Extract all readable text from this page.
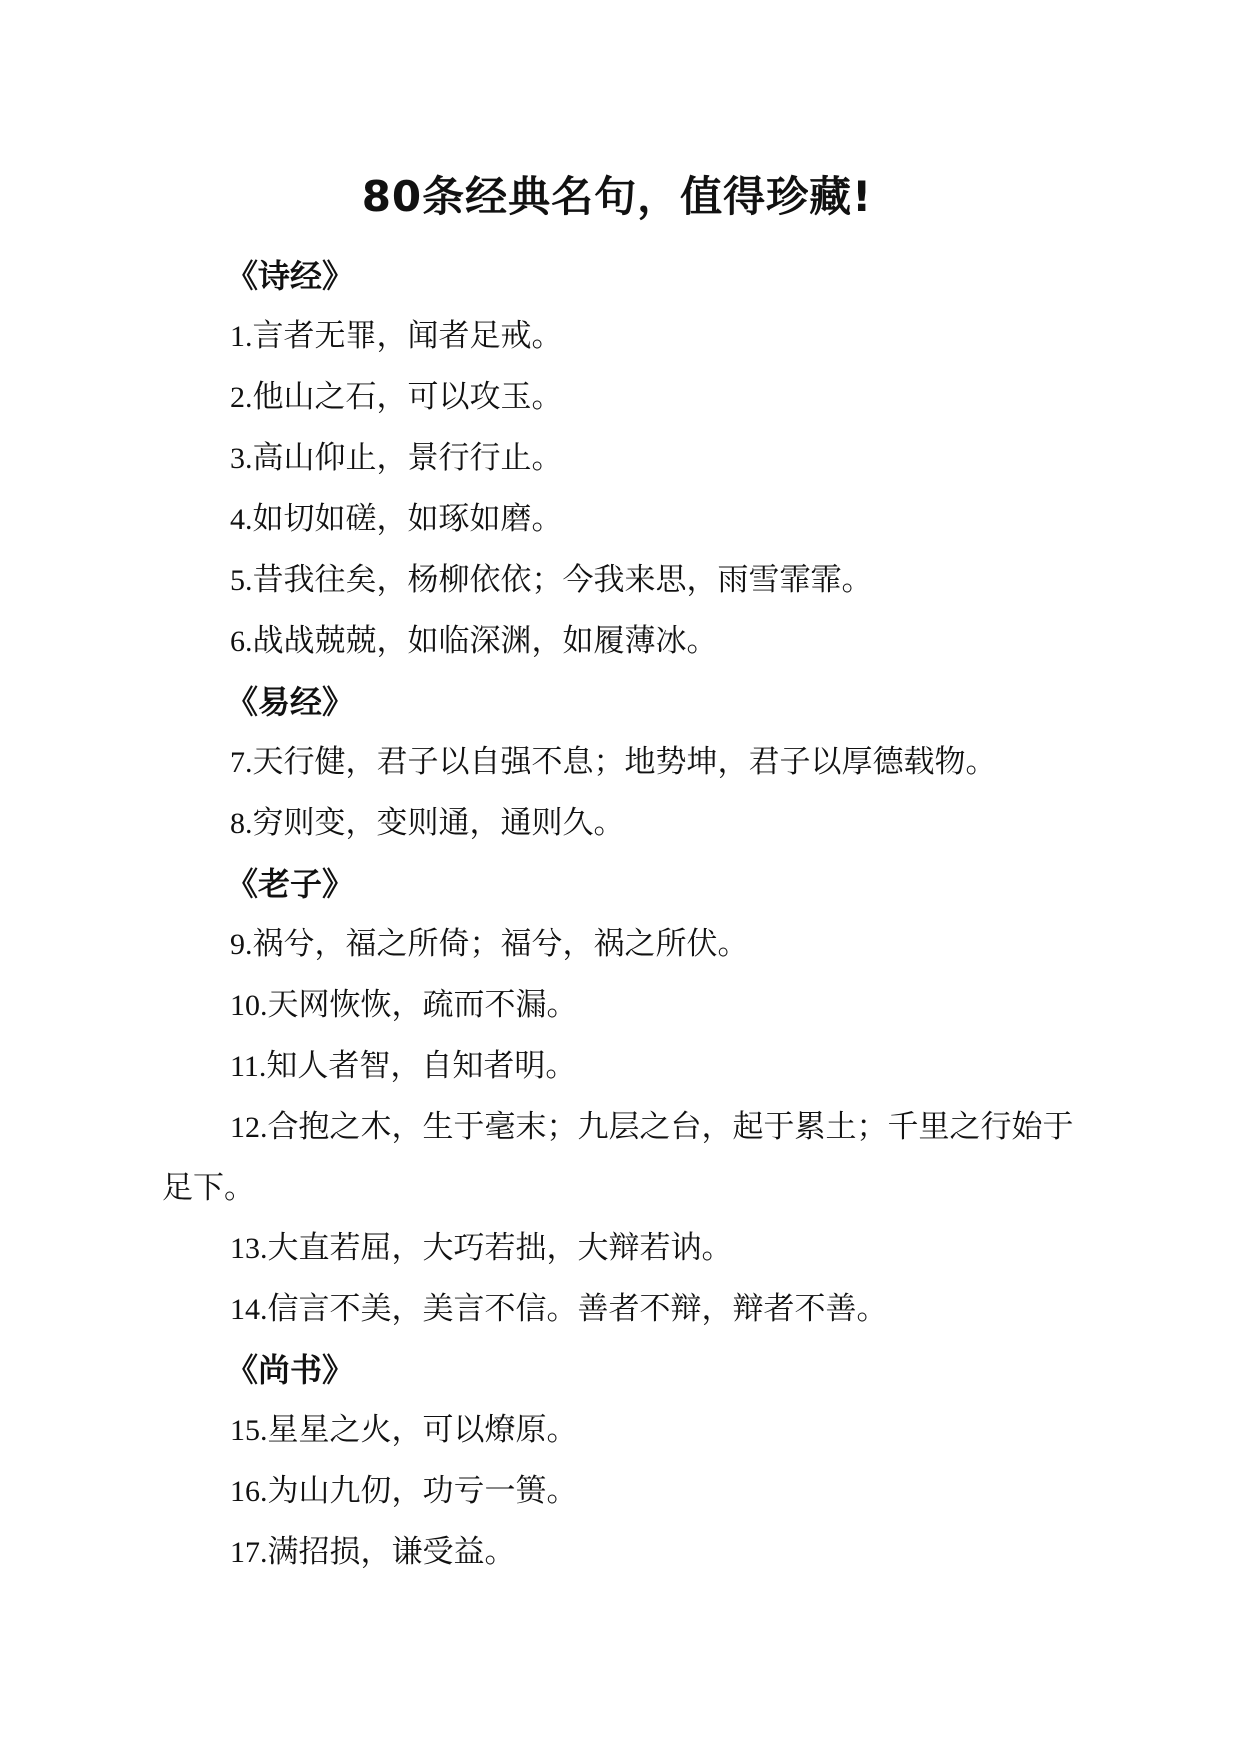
80条经典名句，值得珍藏!
《诗经》

1.言者无罪，闻者足戒。

2.他山之石，可以攻玉。

3.高山仰止，景行行止。

4.如切如磋，如琢如磨。

5.昔我往矣，杨柳依依；今我来思，雨雪霏霏。

6.战战兢兢，如临深渊，如履薄冰。

《易经》

7.天行健，君子以自强不息；地势坤，君子以厚德载物。

8.穷则变，变则通，通则久。

《老子》

9.祸兮，福之所倚；福兮，祸之所伏。

10.天网恢恢，疏而不漏。

11.知人者智，自知者明。

12.合抱之木，生于毫末；九层之台，起于累土；千里之行始于足下。

13.大直若屈，大巧若拙，大辩若讷。

14.信言不美，美言不信。善者不辩，辩者不善。

《尚书》

15.星星之火，可以燎原。

16.为山九仞，功亏一篑。

17.满招损，谦受益。
